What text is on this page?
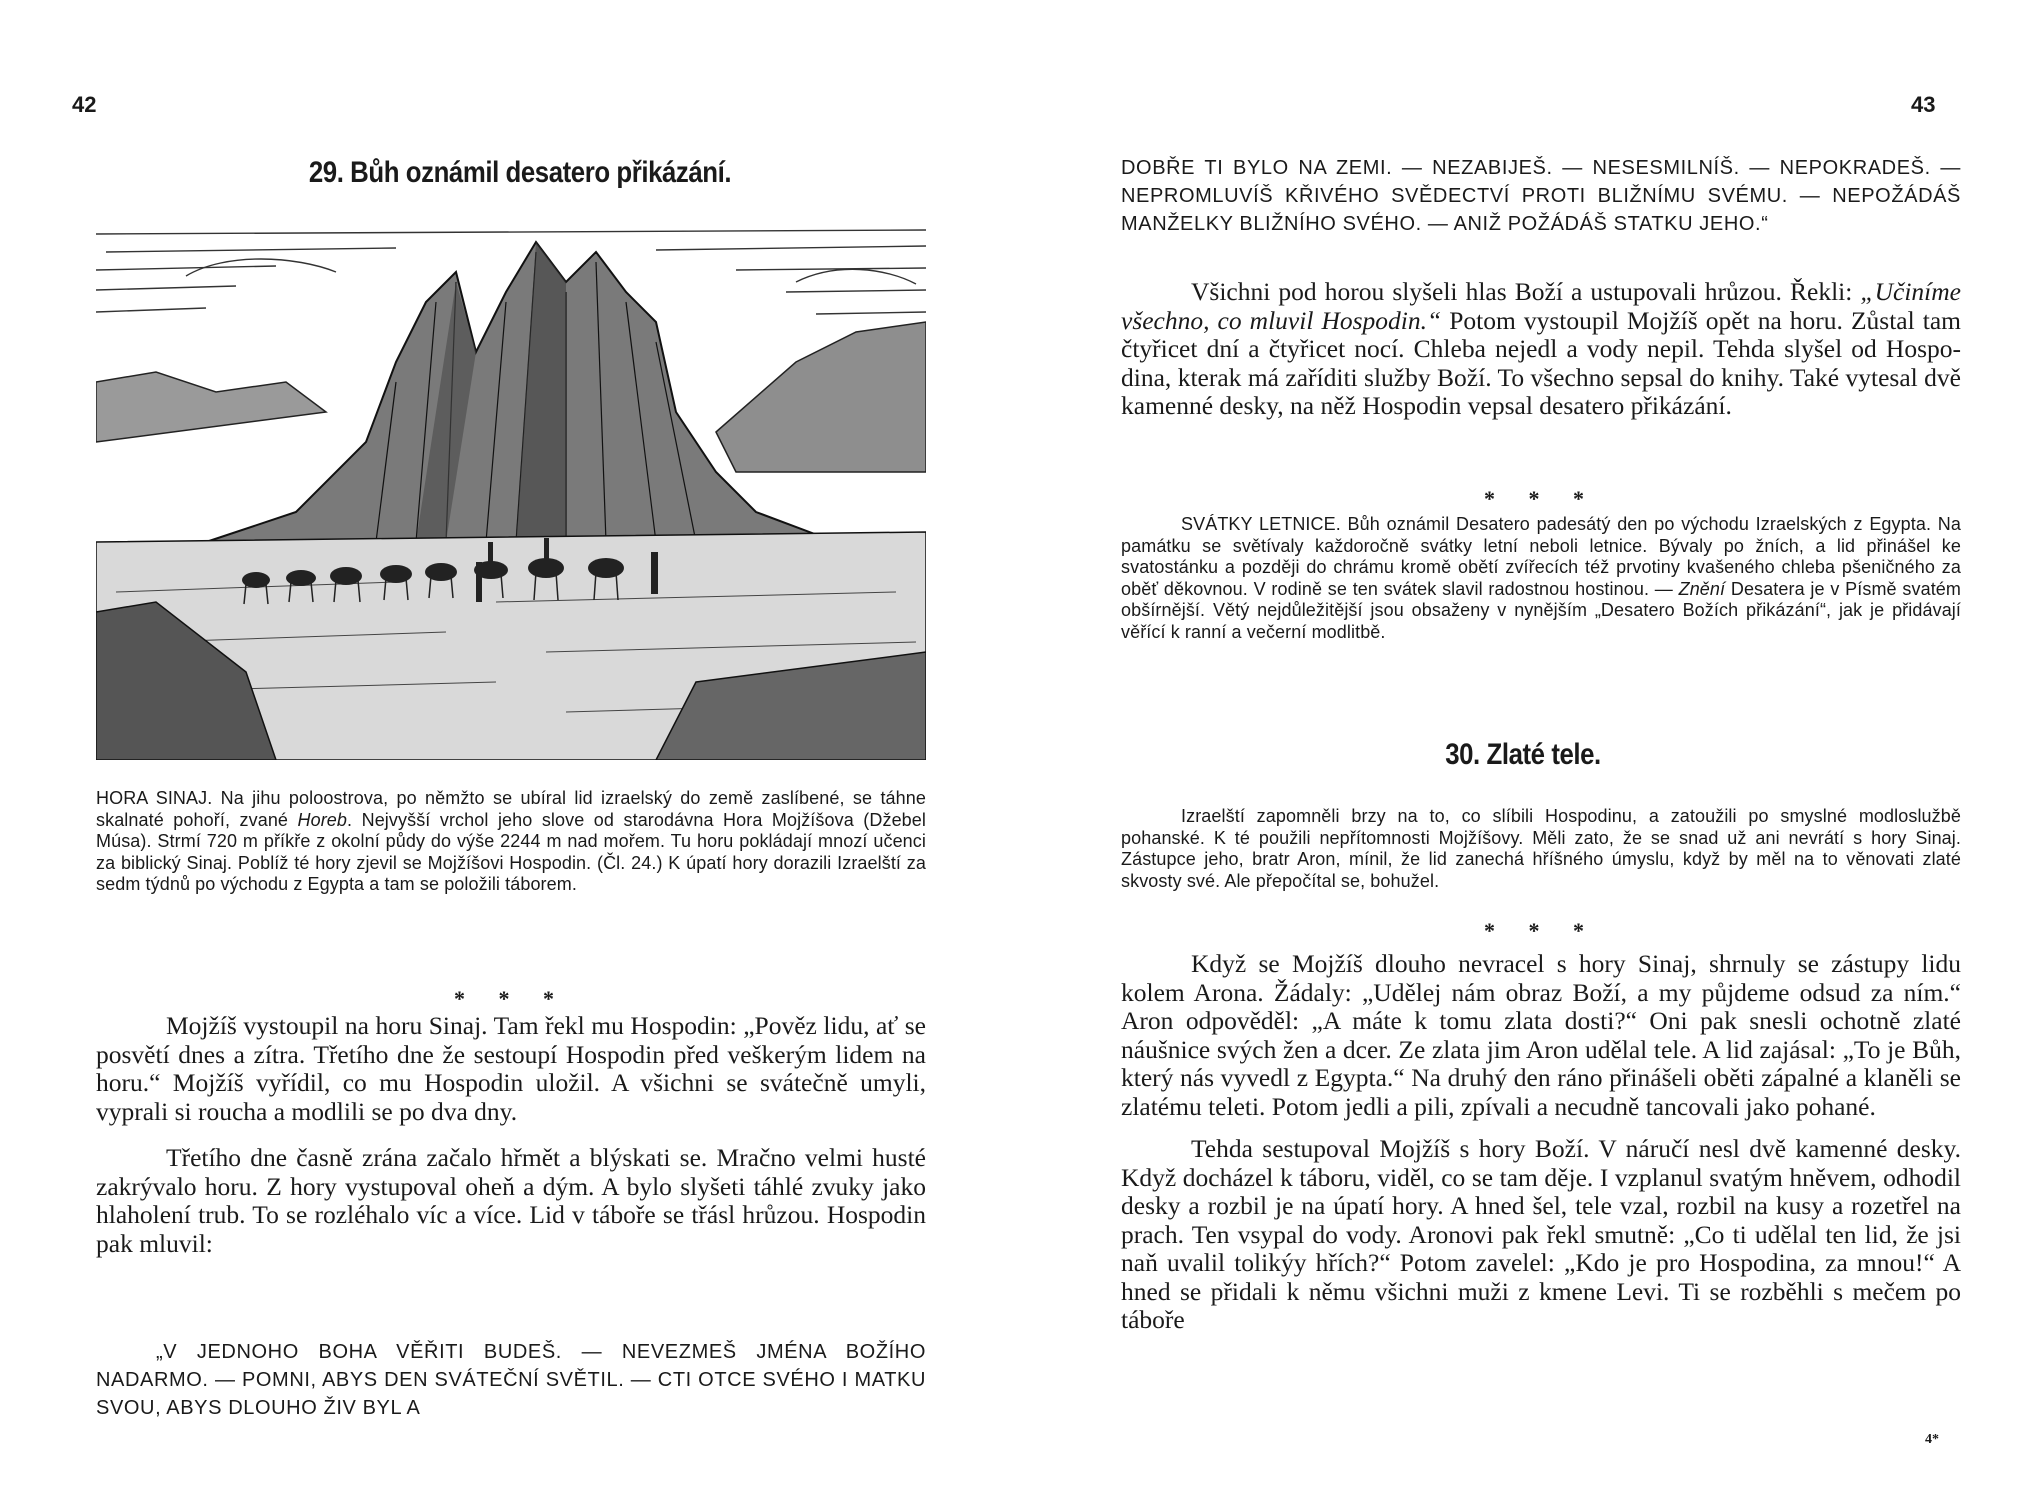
42
29. Bůh oznámil desatero přikázání.
HORA SINAJ. Na jihu poloostrova, po němžto se ubíral lid izraelský do země zaslíbené, se táhne skalnaté pohoří, zvané Horeb. Nejvyšší vrchol jeho slove od starodávna Hora Mojžíšova (Džebel Músa). Strmí 720 m příkře z okolní půdy do výše 2244 m nad mořem. Tu horu pokládají mnozí učenci za biblický Sinaj. Poblíž té hory zjevil se Mojžíšovi Hospodin. (Čl. 24.) K úpatí hory dorazili Izraelští za sedm týdnů po východu z Egypta a tam se položili táborem.
* * *

Mojžíš vystoupil na horu Sinaj. Tam řekl mu Hospodin: „Pověz lidu, ať se posvětí dnes a zítra. Třetího dne že sestoupí Hospodin před veškerým lidem na horu.“ Mojžíš vyřídil, co mu Hospodin uložil. A všichni se svátečně umyli, vyprali si roucha a modlili se po dva dny.

Třetího dne časně zrána začalo hřmět a blýskati se. Mračno velmi husté zakrývalo horu. Z hory vystupoval oheň a dým. A bylo slyšeti táhlé zvuky jako hlaholení trub. To se rozléhalo víc a více. Lid v táboře se třásl hrůzou. Hospodin pak mluvil:

„V JEDNOHO BOHA VĚŘITI BUDEŠ. — NEVEZMEŠ JMÉNA BOŽÍHO NADARMO. — POMNI, ABYS DEN SVÁTEČNÍ SVĚTIL. — CTI OTCE SVÉHO I MATKU SVOU, ABYS DLOUHO ŽIV BYL A
43
DOBŘE TI BYLO NA ZEMI. — NEZABIJEŠ. — NESESMILNÍŠ. — NEPOKRADEŠ. — NEPROMLUVÍŠ KŘIVÉHO SVĚDECTVÍ PROTI BLIŽNÍMU SVÉMU. — NEPOŽÁDÁŠ MANŽELKY BLIŽNÍHO SVÉHO. — ANIŽ POŽÁDÁŠ STATKU JEHO.“

Všichni pod horou slyšeli hlas Boží a ustupovali hrůzou. Řekli: „Učiníme všechno, co mluvil Hospodin.“ Potom vystoupil Mojžíš opět na horu. Zůstal tam čtyřicet dní a čtyřicet nocí. Chleba nejedl a vody nepil. Tehda slyšel od Hospodina, kterak má zaříditi služby Boží. To všechno sepsal do knihy. Také vytesal dvě kamenné desky, na něž Hospodin vepsal desatero přikázání.

* * *
SVÁTKY LETNICE. Bůh oznámil Desatero padesátý den po východu Izraelských z Egypta. Na památku se světívaly každoročně svátky letní neboli letnice. Bývaly po žních, a lid přinášel ke svatostánku a později do chrámu kromě obětí zvířecích též prvotiny kvašeného chleba pšeničného za oběť děkovnou. V rodině se ten svátek slavil radostnou hostinou. — Znění Desatera je v Písmě svatém obšírnější. Větý nejdůležitější jsou obsaženy v nynějším „Desatero Božích přikázání“, jak je přidávají věřící k ranní a večerní modlitbě.
30. Zlaté tele.
Izraelští zapomněli brzy na to, co slíbili Hospodinu, a zatoužili po smyslné modloslužbě pohanské. K té použili nepřítomnosti Mojžíšovy. Měli zato, že se snad už ani nevrátí s hory Sinaj. Zástupce jeho, bratr Aron, mínil, že lid zanechá hříšného úmyslu, když by měl na to věnovati zlaté skvosty své. Ale přepočítal se, bohužel.
* * *

Když se Mojžíš dlouho nevracel s hory Sinaj, shrnuly se zástupy lidu kolem Arona. Žádaly: „Udělej nám obraz Boží, a my půjdeme odsud za ním.“ Aron odpověděl: „A máte k tomu zlata dosti?“ Oni pak snesli ochotně zlaté náušnice svých žen a dcer. Ze zlata jim Aron udělal tele. A lid zajásal: „To je Bůh, který nás vyvedl z Egypta.“ Na druhý den ráno přinášeli oběti zápalné a klaněli se zlatému teleti. Potom jedli a pili, zpívali a necudně tancovali jako pohané.

Tehda sestupoval Mojžíš s hory Boží. V náručí nesl dvě kamenné desky. Když docházel k táboru, viděl, co se tam děje. I vzplanul svatým hněvem, odhodil desky a rozbil je na úpatí hory. A hned šel, tele vzal, rozbil na kusy a rozetřel na prach. Ten vsypal do vody. Aronovi pak řekl smutně: „Co ti udělal ten lid, že jsi naň uvalil tolikýy hřích?“ Potom zavelel: „Kdo je pro Hospodina, za mnou!“ A hned se přidali k němu všichni muži z kmene Levi. Ti se rozběhli s mečem po táboře

4*
